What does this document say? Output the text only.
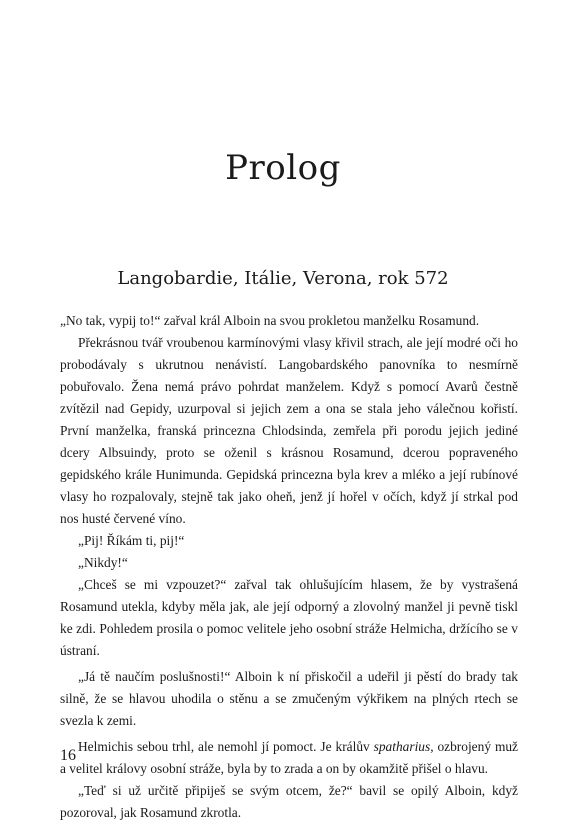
Prolog
Langobardie, Itálie, Verona, rok 572

„No tak, vypij to!“ zařval král Alboin na svou prokletou manželku Rosamund.

Překrásnou tvář vroubenou karmínovými vlasy křivil strach, ale její modré oči ho probodávaly s ukrutnou nenávistí. Langobardského panovníka to nesmírně pobuřovalo. Žena nemá právo pohrdat manželem. Když s pomocí Avarů čestně zvítězil nad Gepidy, uzurpoval si jejich zem a ona se stala jeho válečnou kořistí. První manželka, franská princezna Chlodsinda, zemřela při porodu jejich jediné dcery Albsuindy, proto se oženil s krásnou Rosamund, dcerou popraveného gepidského krále Hunimunda. Gepidská princezna byla krev a mléko a její rubínové vlasy ho rozpalovaly, stejně tak jako oheň, jenž jí hořel v očích, když jí strkal pod nos husté červené víno.

„Pij! Říkám ti, pij!“

„Nikdy!“

„Chceš se mi vzpouzet?“ zařval tak ohlušujícím hlasem, že by vystrašená Rosamund utekla, kdyby měla jak, ale její odporný a zlovolný manžel ji pevně tiskl ke zdi. Pohledem prosila o pomoc velitele jeho osobní stráže Helmicha, držícího se v ústraní.

„Já tě naučím poslušnosti!“ Alboin k ní přiskočil a udeřil ji pěstí do brady tak silně, že se hlavou uhodila o stěnu a se zmučeným výkřikem na plných rtech se svezla k zemi.

Helmichis sebou trhl, ale nemohl jí pomoct. Je králův spatharius, ozbrojený muž a velitel královy osobní stráže, byla by to zrada a on by okamžitě přišel o hlavu.

„Teď si už určitě připiješ se svým otcem, že?“ bavil se opilý Alboin, když pozoroval, jak Rosamund zkrotla.

16
